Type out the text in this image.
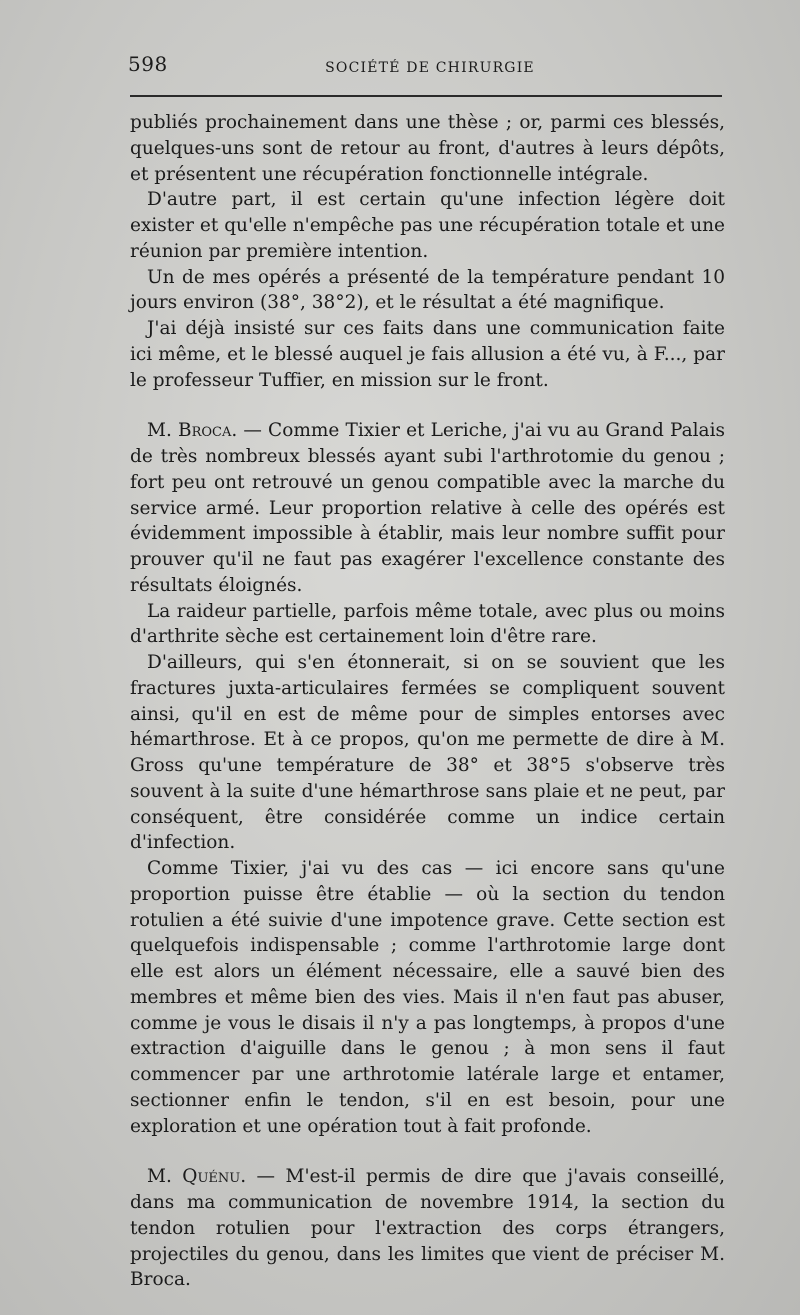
598	SOCIÉTÉ DE CHIRURGIE

publiés prochainement dans une thèse ; or, parmi ces blessés, quelques-uns sont de retour au front, d'autres à leurs dépôts, et présentent une récupération fonctionnelle intégrale.

D'autre part, il est certain qu'une infection légère doit exister et qu'elle n'empêche pas une récupération totale et une réunion par première intention.

Un de mes opérés a présenté de la température pendant 10 jours environ (38°, 38°2), et le résultat a été magnifique.

J'ai déjà insisté sur ces faits dans une communication faite ici même, et le blessé auquel je fais allusion a été vu, à F..., par le professeur Tuffier, en mission sur le front.

M. Broca. — Comme Tixier et Leriche, j'ai vu au Grand Palais de très nombreux blessés ayant subi l'arthrotomie du genou ; fort peu ont retrouvé un genou compatible avec la marche du service armé. Leur proportion relative à celle des opérés est évidemment impossible à établir, mais leur nombre suffit pour prouver qu'il ne faut pas exagérer l'excellence constante des résultats éloignés.

La raideur partielle, parfois même totale, avec plus ou moins d'arthrite sèche est certainement loin d'être rare.

D'ailleurs, qui s'en étonnerait, si on se souvient que les fractures juxta-articulaires fermées se compliquent souvent ainsi, qu'il en est de même pour de simples entorses avec hémarthrose. Et à ce propos, qu'on me permette de dire à M. Gross qu'une température de 38° et 38°5 s'observe très souvent à la suite d'une hémarthrose sans plaie et ne peut, par conséquent, être considérée comme un indice certain d'infection.

Comme Tixier, j'ai vu des cas — ici encore sans qu'une proportion puisse être établie — où la section du tendon rotulien a été suivie d'une impotence grave. Cette section est quelquefois indispensable ; comme l'arthrotomie large dont elle est alors un élément nécessaire, elle a sauvé bien des membres et même bien des vies. Mais il n'en faut pas abuser, comme je vous le disais il n'y a pas longtemps, à propos d'une extraction d'aiguille dans le genou ; à mon sens il faut commencer par une arthrotomie latérale large et entamer, sectionner enfin le tendon, s'il en est besoin, pour une exploration et une opération tout à fait profonde.

M. Quénu. — M'est-il permis de dire que j'avais conseillé, dans ma communication de novembre 1914, la section du tendon rotulien pour l'extraction des corps étrangers, projectiles du genou, dans les limites que vient de préciser M. Broca.
